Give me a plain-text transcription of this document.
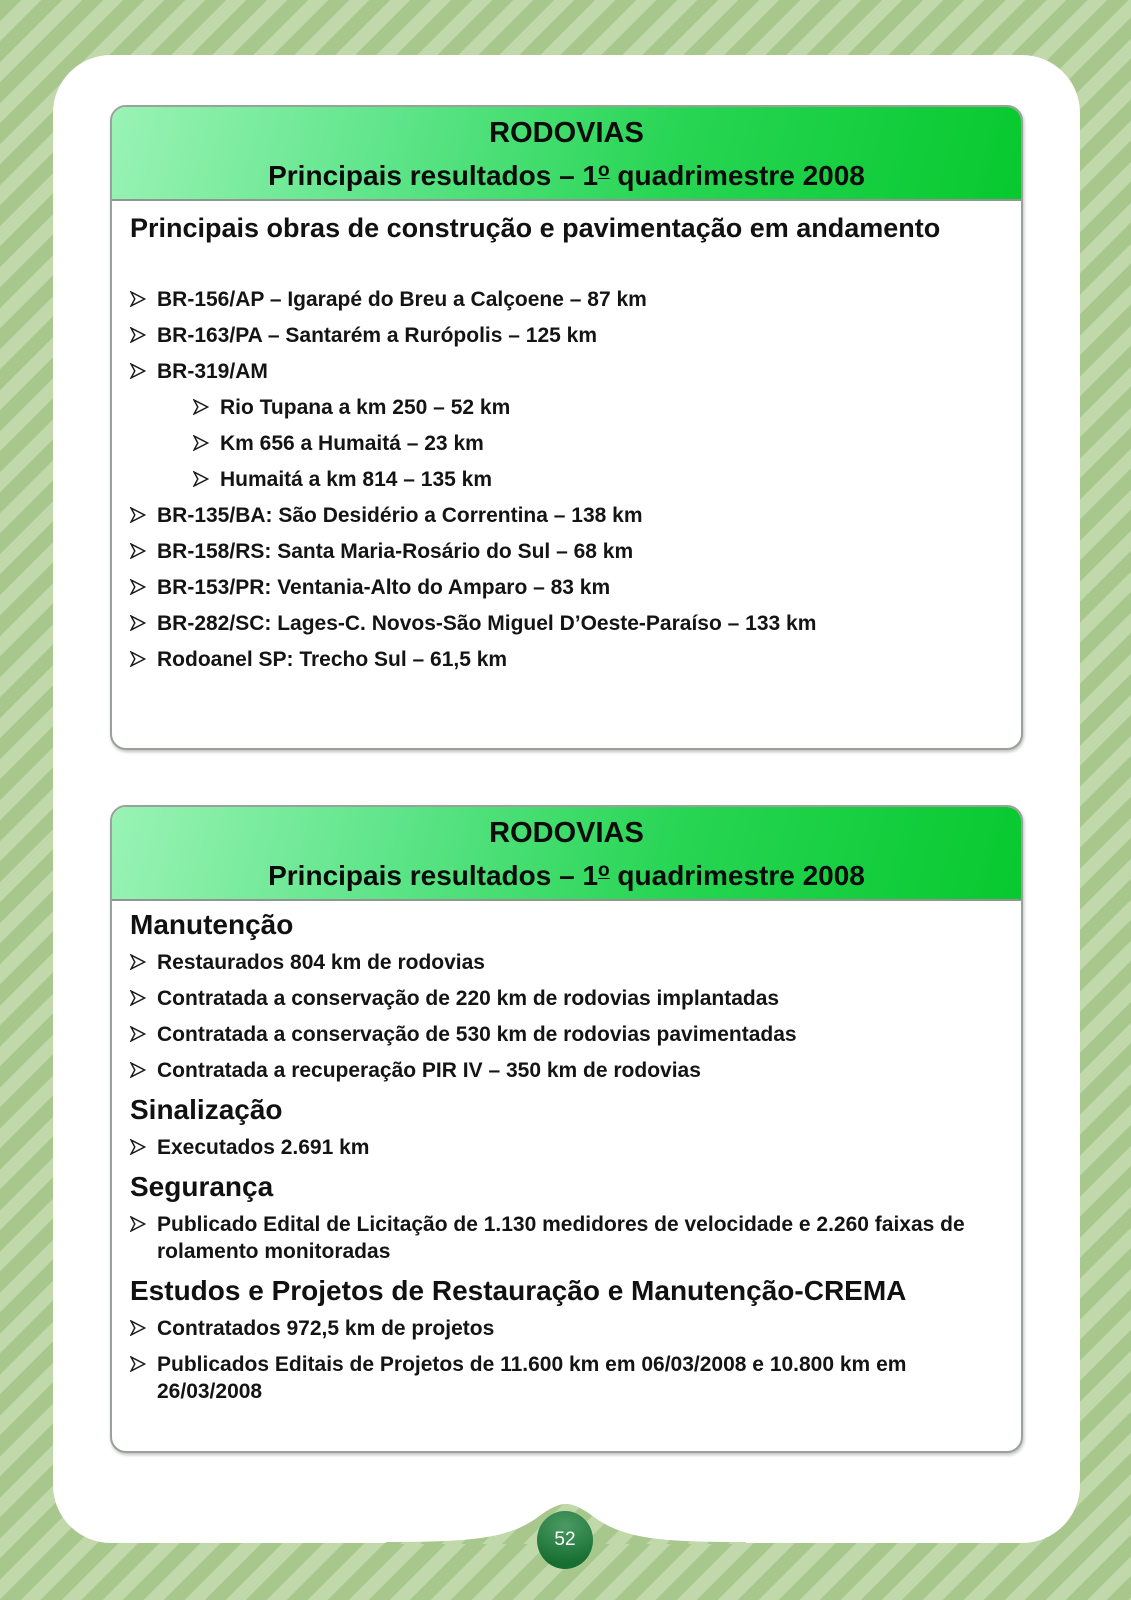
RODOVIAS
Principais resultados – 1$^o$ quadrimestre 2008
Principais obras de construção e pavimentação em andamento
BR-156/AP – Igarapé do Breu a Calçoene – 87 km
BR-163/PA – Santarém a Rurópolis – 125 km
BR-319/AM
Rio Tupana a km 250 – 52 km
Km 656 a Humaitá – 23 km
Humaitá a km 814 – 135 km
BR-135/BA: São Desidério a Correntina – 138 km
BR-158/RS: Santa Maria-Rosário do Sul – 68 km
BR-153/PR: Ventania-Alto do Amparo – 83 km
BR-282/SC: Lages-C. Novos-São Miguel D’Oeste-Paraíso – 133 km
Rodoanel SP: Trecho Sul – 61,5 km
RODOVIAS
Principais resultados – 1$^o$ quadrimestre 2008
Manutenção
Restaurados 804 km de rodovias
Contratada a conservação de 220 km de rodovias implantadas
Contratada a conservação de 530 km de rodovias pavimentadas
Contratada a recuperação PIR IV – 350 km de rodovias
Sinalização
Executados 2.691 km
Segurança
Publicado Edital de Licitação de 1.130 medidores de velocidade e 2.260 faixas de rolamento monitoradas
Estudos e Projetos de Restauração e Manutenção-CREMA
Contratados 972,5 km de projetos
Publicados Editais de Projetos de 11.600 km em 06/03/2008 e 10.800 km em 26/03/2008
52
